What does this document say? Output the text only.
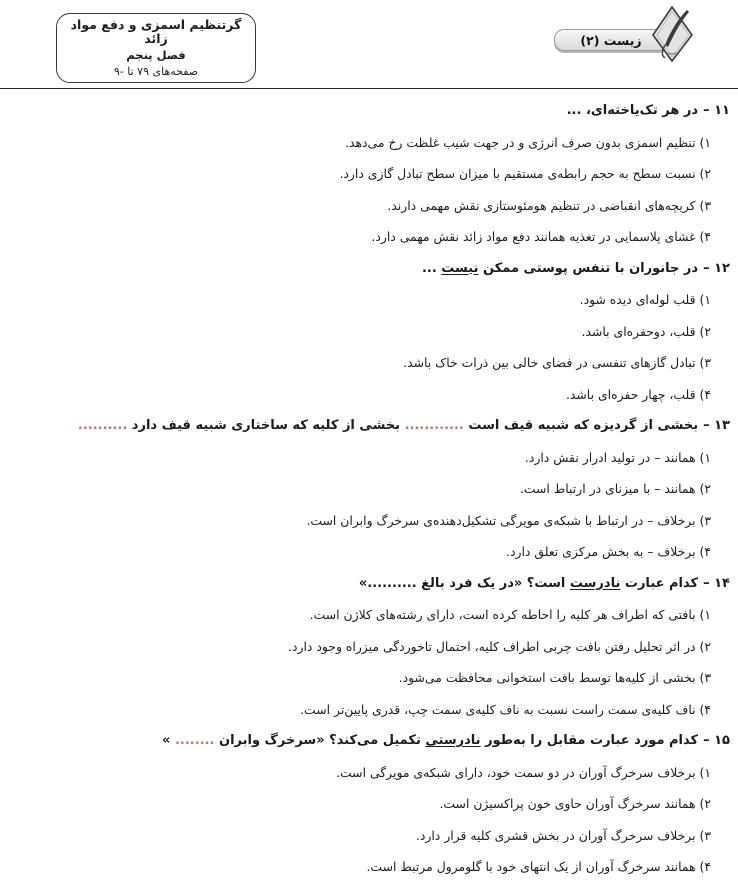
گرتنظیم اسمزی و دفع مواد زائد
فصل پنجم
صفحه‌های ۷۹ تا -۹
زیست (۲)
۱۱ –در هر تک‌یاخته‌ای، ...
۱) تنظیم اسمزی بدون صرف انرژی و در جهت شیب غلظت رخ می‌دهد.
۲) نسبت سطح به حجم رابطه‌ی مستقیم با میزان سطح تبادل گازی دارد.
۳) کریچه‌های انقباضی در تنظیم هومئوستازی نقش مهمی دارند.
۴) غشای پلاسمایی در تغذیه همانند دفع مواد زائد نقش مهمی دارد.
۱۲ –در جانوران با تنفس پوستی ممکن نیست ...
۱) قلب لوله‌ای دیده شود.
۲) قلب، دوحفره‌ای باشد.
۳) تبادل گازهای تنفسی در فضای خالی بین ذرات خاک باشد.
۴) قلب، چهار حفره‌ای باشد.
۱۳ –بخشی از گردیزه که شبیه قیف است ............ بخشی از کلیه که ساختاری شبیه قیف دارد ..........
۱) همانند – در تولید ادرار نقش دارد.
۲) همانند – با میزنای در ارتباط است.
۳) برخلاف – در ارتباط با شبکه‌ی مویرگی تشکیل‌دهنده‌ی سرخرگ وابران است.
۴) برخلاف – به بخش مرکزی تعلق دارد.
۱۴ –کدام عبارت نادرست است؟ «در یک فرد بالغ ..........»
۱) بافتی که اطراف هر کلیه را احاطه کرده است، دارای رشته‌های کلاژن است.
۲) در اثر تحلیل رفتن بافت چربی اطراف کلیه، احتمال تاخوردگی میزراه وجود دارد.
۳) بخشی از کلیه‌ها توسط بافت استخوانی محافظت می‌شود.
۴) ناف کلیه‌ی سمت راست نسبت به ناف کلیه‌ی سمت چپ، قدری پایین‌تر است.
۱۵ –کدام مورد عبارت مقابل را به‌طور نادرستی تکمیل می‌کند؟ «سرخرگ وابران ........ »
۱) برخلاف سرخرگ آوران در دو سمت خود، دارای شبکه‌ی مویرگی است.
۲) همانند سرخرگ آوران حاوی خون پراکسیژن است.
۳) برخلاف سرخرگ آوران در بخش قشری کلیه قرار دارد.
۴) همانند سرخرگ آوران از یک انتهای خود با گلومرول مرتبط است.
